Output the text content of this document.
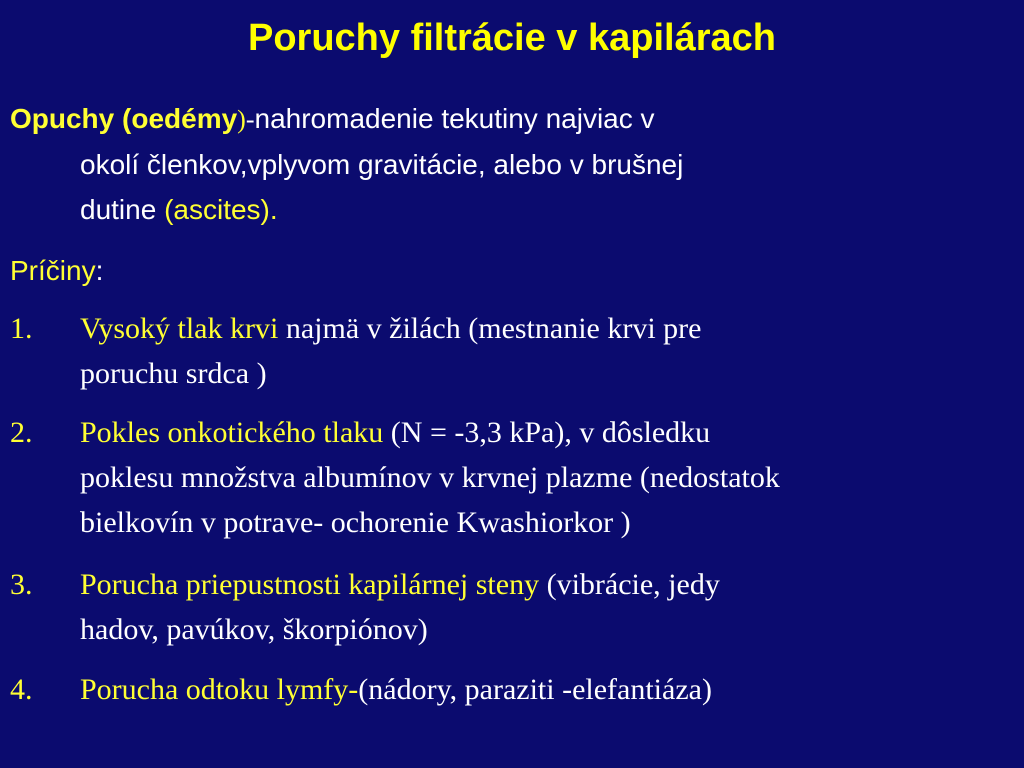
Poruchy filtrácie v kapilárach
Opuchy (oedémy)-nahromadenie tekutiny najviac v
okolí členkov,vplyvom gravitácie, alebo v brušnej
dutine (ascites).
Príčiny:
1. Vysoký tlak krvi najmä v žilách (mestnanie krvi pre
poruchu srdca )
2. Pokles onkotického tlaku (N = -3,3 kPa), v dôsledku
poklesu množstva albumínov v krvnej plazme (nedostatok
bielkovín v potrave- ochorenie Kwashiorkor )
3. Porucha priepustnosti kapilárnej steny (vibrácie, jedy
hadov, pavúkov, škorpiónov)
4. Porucha odtoku lymfy-(nádory, paraziti -elefantiáza)
